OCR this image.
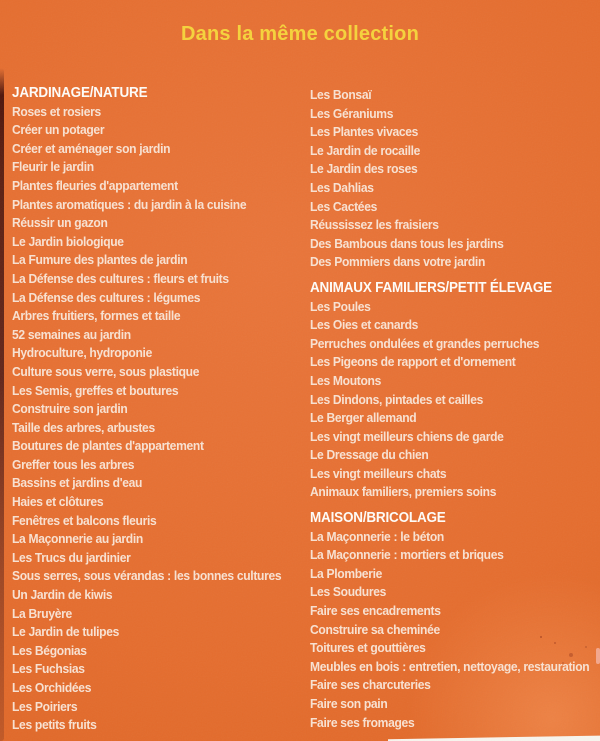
Dans la même collection
JARDINAGE/NATURE
Roses et rosiers
Créer un potager
Créer et aménager son jardin
Fleurir le jardin
Plantes fleuries d'appartement
Plantes aromatiques : du jardin à la cuisine
Réussir un gazon
Le Jardin biologique
La Fumure des plantes de jardin
La Défense des cultures : fleurs et fruits
La Défense des cultures : légumes
Arbres fruitiers, formes et taille
52 semaines au jardin
Hydroculture, hydroponie
Culture sous verre, sous plastique
Les Semis, greffes et boutures
Construire son jardin
Taille des arbres, arbustes
Boutures de plantes d'appartement
Greffer tous les arbres
Bassins et jardins d'eau
Haies et clôtures
Fenêtres et balcons fleuris
La Maçonnerie au jardin
Les Trucs du jardinier
Sous serres, sous vérandas : les bonnes cultures
Un Jardin de kiwis
La Bruyère
Le Jardin de tulipes
Les Bégonias
Les Fuchsias
Les Orchidées
Les Poiriers
Les petits fruits
Les Bonsaï
Les Géraniums
Les Plantes vivaces
Le Jardin de rocaille
Le Jardin des roses
Les Dahlias
Les Cactées
Réussissez les fraisiers
Des Bambous dans tous les jardins
Des Pommiers dans votre jardin
ANIMAUX FAMILIERS/PETIT ÉLEVAGE
Les Poules
Les Oies et canards
Perruches ondulées et grandes perruches
Les Pigeons de rapport et d'ornement
Les Moutons
Les Dindons, pintades et cailles
Le Berger allemand
Les vingt meilleurs chiens de garde
Le Dressage du chien
Les vingt meilleurs chats
Animaux familiers, premiers soins
MAISON/BRICOLAGE
La Maçonnerie : le béton
La Maçonnerie : mortiers et briques
La Plomberie
Les Soudures
Faire ses encadrements
Construire sa cheminée
Toitures et gouttières
Meubles en bois : entretien, nettoyage, restauration
Faire ses charcuteries
Faire son pain
Faire ses fromages
